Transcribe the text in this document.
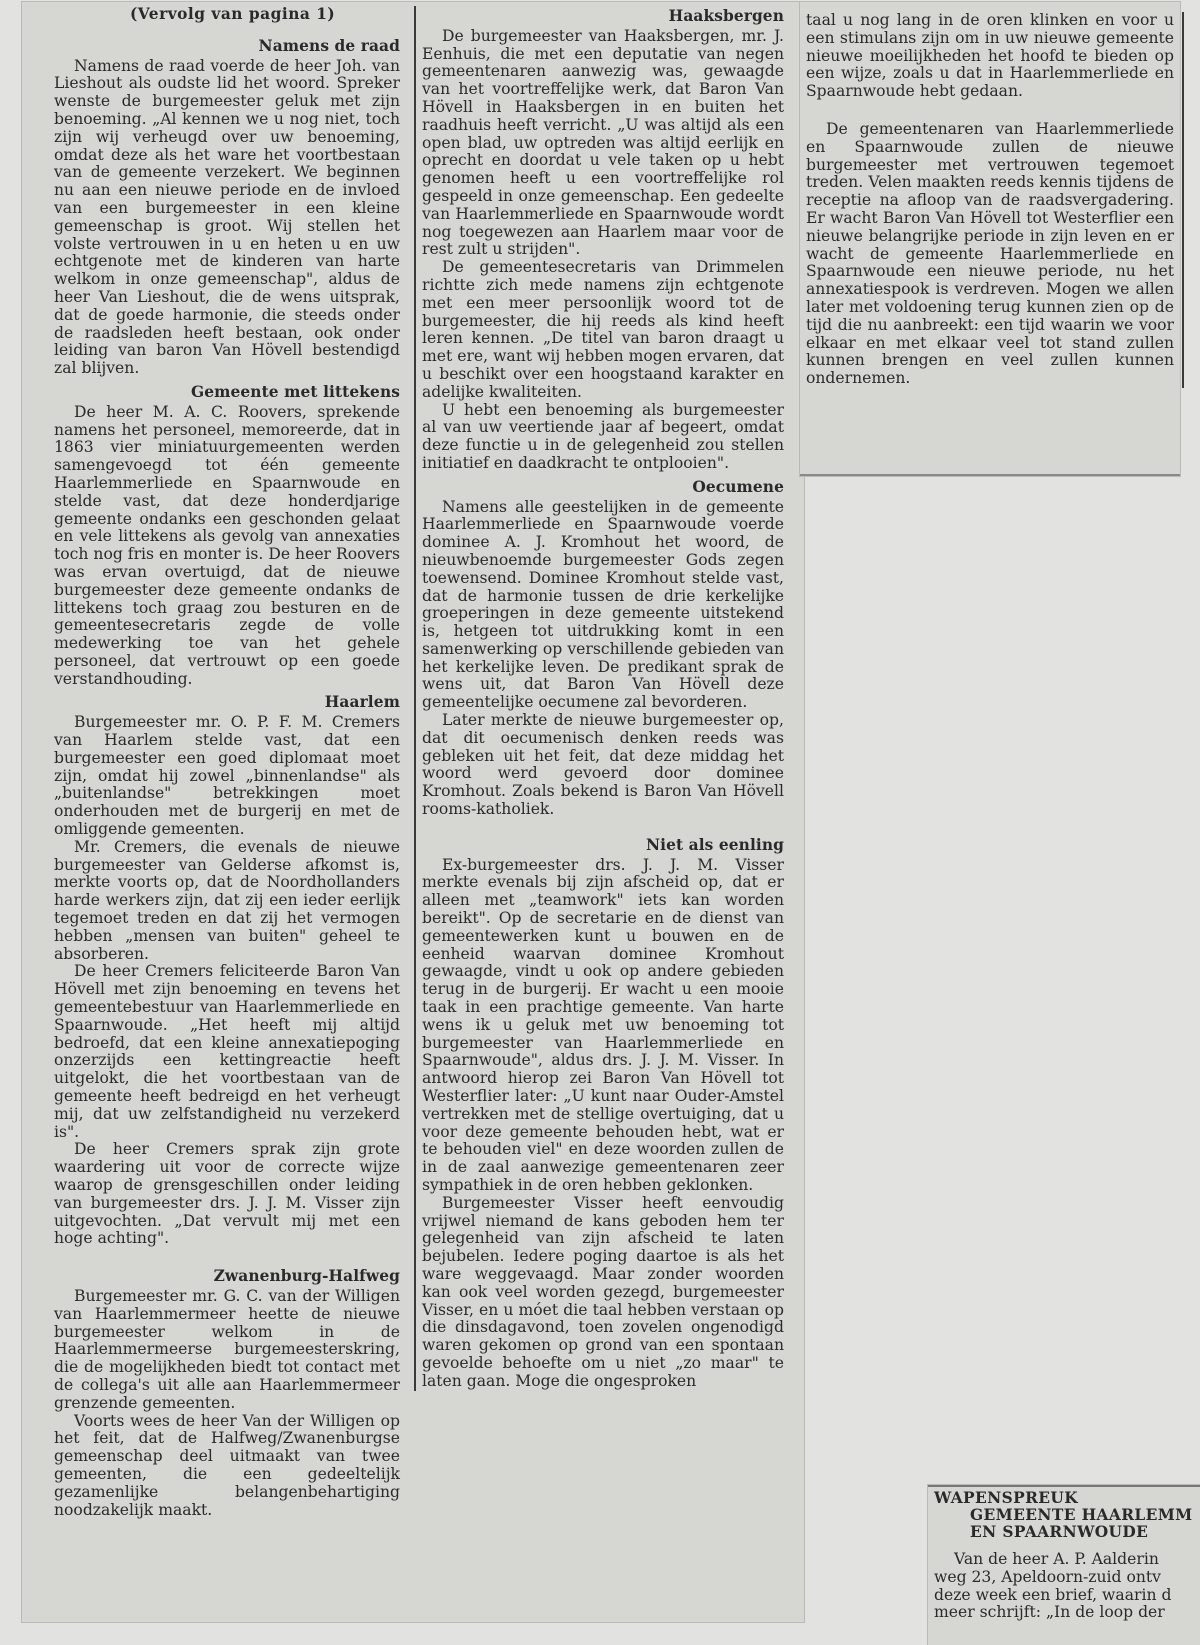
(Vervolg van pagina 1)
Namens de raad

Namens de raad voerde de heer Joh. van Lieshout als oudste lid het woord. Spreker wenste de burgemeester geluk met zijn benoeming. „Al kennen we u nog niet, toch zijn wij verheugd over uw benoeming, omdat deze als het ware het voortbestaan van de gemeente verzekert. We beginnen nu aan een nieuwe periode en de invloed van een burgemeester in een kleine gemeenschap is groot. Wij stellen het volste vertrouwen in u en heten u en uw echtgenote met de kinderen van harte welkom in onze gemeenschap", aldus de heer Van Lieshout, die de wens uitsprak, dat de goede harmonie, die steeds onder de raadsleden heeft bestaan, ook onder leiding van baron Van Hövell bestendigd zal blijven.

Gemeente met littekens

De heer M. A. C. Roovers, sprekende namens het personeel, memoreerde, dat in 1863 vier miniatuurgemeenten werden samengevoegd tot één gemeente Haarlemmerliede en Spaarnwoude en stelde vast, dat deze honderdjarige gemeente ondanks een geschonden gelaat en vele littekens als gevolg van annexaties toch nog fris en monter is. De heer Roovers was ervan overtuigd, dat de nieuwe burgemeester deze gemeente ondanks de littekens toch graag zou besturen en de gemeentesecretaris zegde de volle medewerking toe van het gehele personeel, dat vertrouwt op een goede verstandhouding.

Haarlem

Burgemeester mr. O. P. F. M. Cremers van Haarlem stelde vast, dat een burgemeester een goed diplomaat moet zijn, omdat hij zowel „binnenlandse" als „buitenlandse" betrekkingen moet onderhouden met de burgerij en met de omliggende gemeenten.

Mr. Cremers, die evenals de nieuwe burgemeester van Gelderse afkomst is, merkte voorts op, dat de Noordhollanders harde werkers zijn, dat zij een ieder eerlijk tegemoet treden en dat zij het vermogen hebben „mensen van buiten" geheel te absorberen.

De heer Cremers feliciteerde Baron Van Hövell met zijn benoeming en tevens het gemeentebestuur van Haarlemmerliede en Spaarnwoude. „Het heeft mij altijd bedroefd, dat een kleine annexatiepoging onzerzijds een kettingreactie heeft uitgelokt, die het voortbestaan van de gemeente heeft bedreigd en het verheugt mij, dat uw zelfstandigheid nu verzekerd is".

De heer Cremers sprak zijn grote waardering uit voor de correcte wijze waarop de grensgeschillen onder leiding van burgemeester drs. J. J. M. Visser zijn uitgevochten. „Dat vervult mij met een hoge achting".

Zwanenburg-Halfweg

Burgemeester mr. G. C. van der Willigen van Haarlemmermeer heette de nieuwe burgemeester welkom in de Haarlemmermeerse burgemeesterskring, die de mogelijkheden biedt tot contact met de collega's uit alle aan Haarlemmermeer grenzende gemeenten.

Voorts wees de heer Van der Willigen op het feit, dat de Halfweg/Zwanenburgse gemeenschap deel uitmaakt van twee gemeenten, die een gedeeltelijk gezamenlijke belangenbehartiging noodzakelijk maakt.

Haaksbergen

De burgemeester van Haaksbergen, mr. J. Eenhuis, die met een deputatie van negen gemeentenaren aanwezig was, gewaagde van het voortreffelijke werk, dat Baron Van Hövell in Haaksbergen in en buiten het raadhuis heeft verricht. „U was altijd als een open blad, uw optreden was altijd eerlijk en oprecht en doordat u vele taken op u hebt genomen heeft u een voortreffelijke rol gespeeld in onze gemeenschap. Een gedeelte van Haarlemmerliede en Spaarnwoude wordt nog toegewezen aan Haarlem maar voor de rest zult u strijden".

De gemeentesecretaris van Drimmelen richtte zich mede namens zijn echtgenote met een meer persoonlijk woord tot de burgemeester, die hij reeds als kind heeft leren kennen. „De titel van baron draagt u met ere, want wij hebben mogen ervaren, dat u beschikt over een hoogstaand karakter en adelijke kwaliteiten.

U hebt een benoeming als burgemeester al van uw veertiende jaar af begeert, omdat deze functie u in de gelegenheid zou stellen initiatief en daadkracht te ontplooien".

Oecumene

Namens alle geestelijken in de gemeente Haarlemmerliede en Spaarnwoude voerde dominee A. J. Kromhout het woord, de nieuwbenoemde burgemeester Gods zegen toewensend. Dominee Kromhout stelde vast, dat de harmonie tussen de drie kerkelijke groeperingen in deze gemeente uitstekend is, hetgeen tot uitdrukking komt in een samenwerking op verschillende gebieden van het kerkelijke leven. De predikant sprak de wens uit, dat Baron Van Hövell deze gemeentelijke oecumene zal bevorderen.

Later merkte de nieuwe burgemeester op, dat dit oecumenisch denken reeds was gebleken uit het feit, dat deze middag het woord werd gevoerd door dominee Kromhout. Zoals bekend is Baron Van Hövell rooms-katholiek.

Niet als eenling

Ex-burgemeester drs. J. J. M. Visser merkte evenals bij zijn afscheid op, dat er alleen met „teamwork" iets kan worden bereikt". Op de secretarie en de dienst van gemeentewerken kunt u bouwen en de eenheid waarvan dominee Kromhout gewaagde, vindt u ook op andere gebieden terug in de burgerij. Er wacht u een mooie taak in een prachtige gemeente. Van harte wens ik u geluk met uw benoeming tot burgemeester van Haarlemmerliede en Spaarnwoude", aldus drs. J. J. M. Visser. In antwoord hierop zei Baron Van Hövell tot Westerflier later: „U kunt naar Ouder-Amstel vertrekken met de stellige overtuiging, dat u voor deze gemeente behouden hebt, wat er te behouden viel" en deze woorden zullen de in de zaal aanwezige gemeentenaren zeer sympathiek in de oren hebben geklonken.

Burgemeester Visser heeft eenvoudig vrijwel niemand de kans geboden hem ter gelegenheid van zijn afscheid te laten bejubelen. Iedere poging daartoe is als het ware weggevaagd. Maar zonder woorden kan ook veel worden gezegd, burgemeester Visser, en u móet die taal hebben verstaan op die dinsdagavond, toen zovelen ongenodigd waren gekomen op grond van een spontaan gevoelde behoefte om u niet „zo maar" te laten gaan. Moge die ongesproken

taal u nog lang in de oren klinken en voor u een stimulans zijn om in uw nieuwe gemeente nieuwe moeilijkheden het hoofd te bieden op een wijze, zoals u dat in Haarlemmerliede en Spaarnwoude hebt gedaan.

De gemeentenaren van Haarlemmerliede en Spaarnwoude zullen de nieuwe burgemeester met vertrouwen tegemoet treden. Velen maakten reeds kennis tijdens de receptie na afloop van de raadsvergadering. Er wacht Baron Van Hövell tot Westerflier een nieuwe belangrijke periode in zijn leven en er wacht de gemeente Haarlemmerliede en Spaarnwoude een nieuwe periode, nu het annexatiespook is verdreven. Mogen we allen later met voldoening terug kunnen zien op de tijd die nu aanbreekt: een tijd waarin we voor elkaar en met elkaar veel tot stand zullen kunnen brengen en veel zullen kunnen ondernemen.

WAPENSPREUK
GEMEENTE HAARLEMM
EN SPAARNWOUDE

Van de heer A. P. Aalderin

weg 23, Apeldoorn-zuid ontv

deze week een brief, waarin d

meer schrijft: „In de loop der
